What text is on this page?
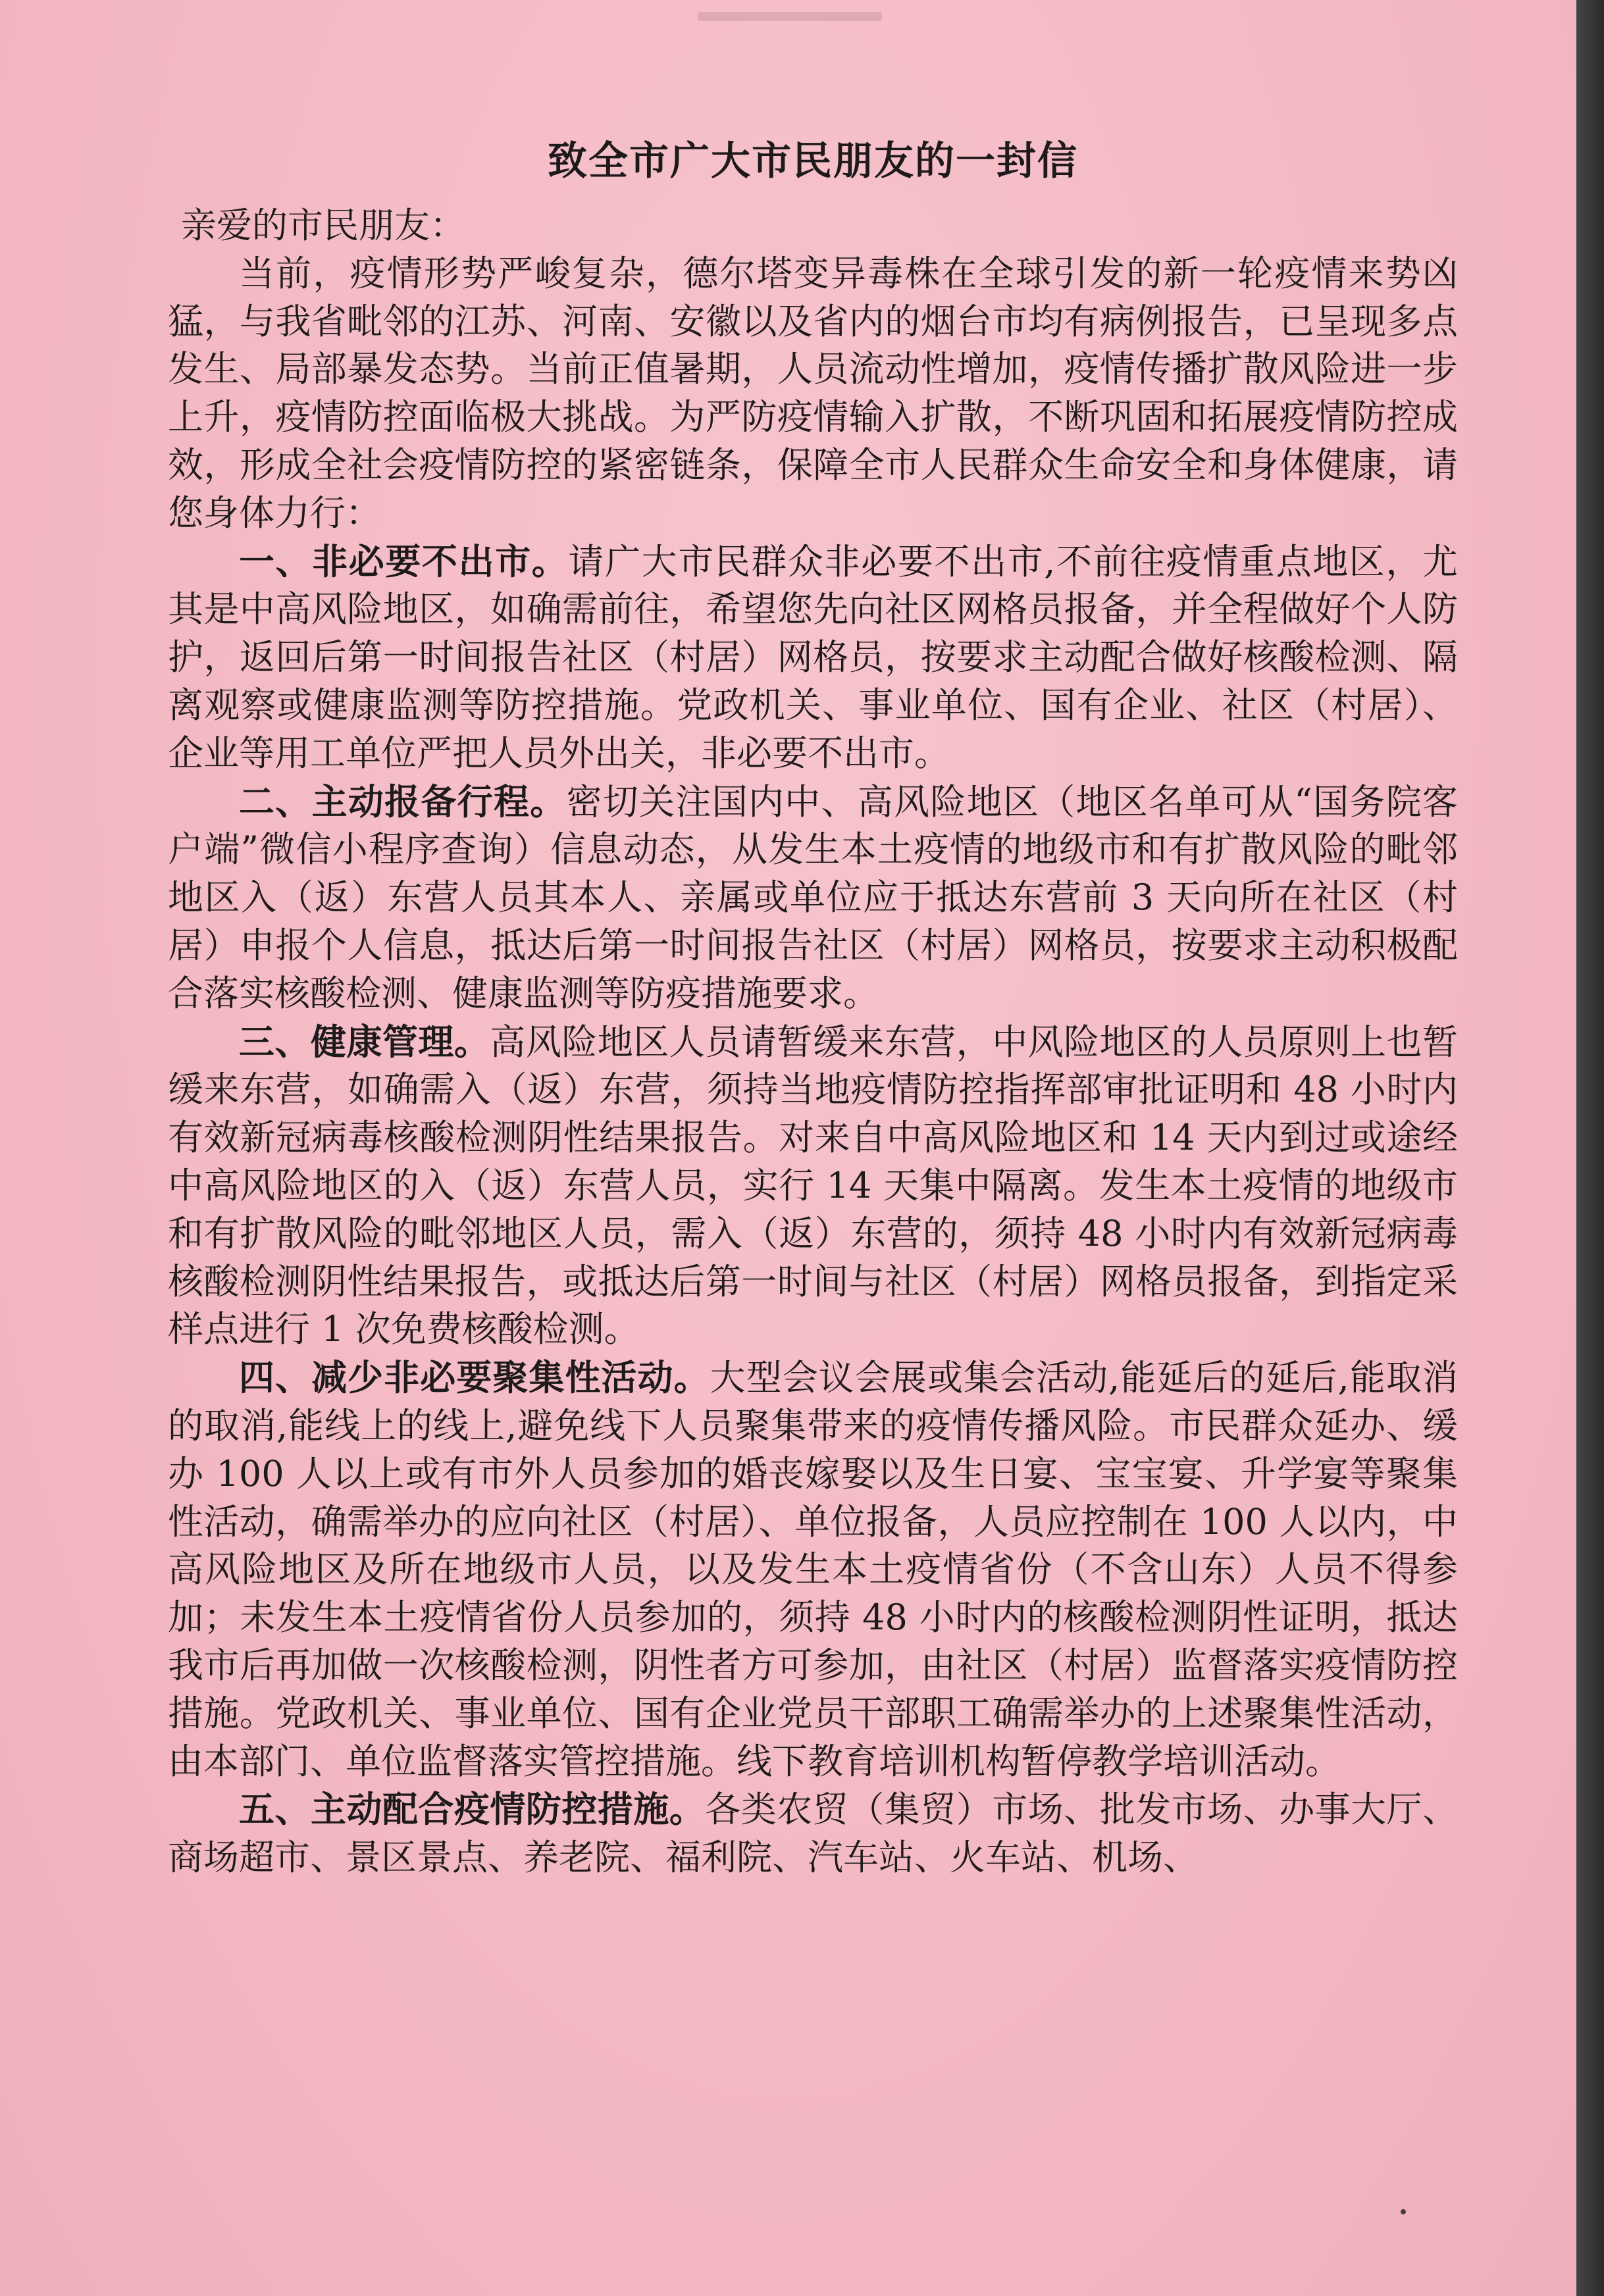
致全市广大市民朋友的一封信

亲爱的市民朋友：

当前，疫情形势严峻复杂，德尔塔变异毒株在全球引发的新一轮疫情来势凶猛，与我省毗邻的江苏、河南、安徽以及省内的烟台市均有病例报告，已呈现多点发生、局部暴发态势。当前正值暑期，人员流动性增加，疫情传播扩散风险进一步上升，疫情防控面临极大挑战。为严防疫情输入扩散，不断巩固和拓展疫情防控成效，形成全社会疫情防控的紧密链条，保障全市人民群众生命安全和身体健康，请您身体力行：

一、非必要不出市。请广大市民群众非必要不出市,不前往疫情重点地区，尤其是中高风险地区，如确需前往，希望您先向社区网格员报备，并全程做好个人防护，返回后第一时间报告社区（村居）网格员，按要求主动配合做好核酸检测、隔离观察或健康监测等防控措施。党政机关、事业单位、国有企业、社区（村居）、企业等用工单位严把人员外出关，非必要不出市。

二、主动报备行程。密切关注国内中、高风险地区（地区名单可从“国务院客户端”微信小程序查询）信息动态，从发生本土疫情的地级市和有扩散风险的毗邻地区入（返）东营人员其本人、亲属或单位应于抵达东营前 3 天向所在社区（村居）申报个人信息，抵达后第一时间报告社区（村居）网格员，按要求主动积极配合落实核酸检测、健康监测等防疫措施要求。

三、健康管理。高风险地区人员请暂缓来东营，中风险地区的人员原则上也暂缓来东营，如确需入（返）东营，须持当地疫情防控指挥部审批证明和 48 小时内有效新冠病毒核酸检测阴性结果报告。对来自中高风险地区和 14 天内到过或途经中高风险地区的入（返）东营人员，实行 14 天集中隔离。发生本土疫情的地级市和有扩散风险的毗邻地区人员，需入（返）东营的，须持 48 小时内有效新冠病毒核酸检测阴性结果报告，或抵达后第一时间与社区（村居）网格员报备，到指定采样点进行 1 次免费核酸检测。

四、减少非必要聚集性活动。大型会议会展或集会活动,能延后的延后,能取消的取消,能线上的线上,避免线下人员聚集带来的疫情传播风险。市民群众延办、缓办 100 人以上或有市外人员参加的婚丧嫁娶以及生日宴、宝宝宴、升学宴等聚集性活动，确需举办的应向社区（村居）、单位报备，人员应控制在 100 人以内，中高风险地区及所在地级市人员，以及发生本土疫情省份（不含山东）人员不得参加；未发生本土疫情省份人员参加的，须持 48 小时内的核酸检测阴性证明，抵达我市后再加做一次核酸检测，阴性者方可参加，由社区（村居）监督落实疫情防控措施。党政机关、事业单位、国有企业党员干部职工确需举办的上述聚集性活动，由本部门、单位监督落实管控措施。线下教育培训机构暂停教学培训活动。

五、主动配合疫情防控措施。各类农贸（集贸）市场、批发市场、办事大厅、商场超市、景区景点、养老院、福利院、汽车站、火车站、机场、
